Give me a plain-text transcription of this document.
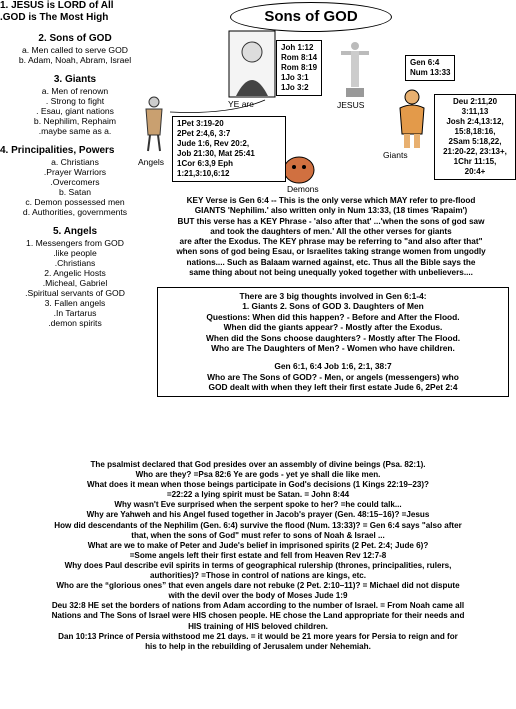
Sons of GOD
1. JESUS is LORD of All
.GOD is The Most High
2. Sons of GOD
a. Men called to serve GOD
b. Adam, Noah, Abram, Israel
3. Giants
a. Men of renown
. Strong to fight
. Esau, giant nations
b. Nephilim, Rephaim
.maybe same as a.
4. Principalities, Powers
a. Christians
.Prayer Warriors
.Overcomers
b. Satan
c. Demon possessed men
d. Authorities, governments
5. Angels
1. Messengers from GOD
.like people
.Christians
2. Angelic Hosts
.Micheal, Gabriel
.Spiritual servants of GOD
3. Fallen angels
.In Tartarus
.demon spirits
YE are	JESUS
Angels
Giants
Demons
Joh 1:12
Rom 8:14
Rom 8:19
1Jo 3:1
1Jo 3:2
Gen 6:4
Num 13:33
Deu 2:11,20
3:11,13
Josh 2:4,13:12,
15:8,18:16,
2Sam 5:18,22,
21:20-22, 23:13+,
1Chr 11:15,
20:4+
1Pet 3:19-20
2Pet 2:4,6, 3:7
Jude 1:6, Rev 20:2,
Job 21:30, Mat 25:41
1Cor 6:3,9 Eph
1:21,3:10,6:12
KEY Verse is Gen 6:4 -- This is the only verse which MAY refer to pre-flood
GIANTS 'Nephilim.' also written only in Num 13:33, (18 times 'Rapaim')
BUT this verse has a KEY Phrase - 'also after that' ...'when the sons of god saw
and took the daughters of men.' All the other verses for giants
are after the Exodus. The KEY phrase may be referring to "and also after that"
when sons of god being Esau, or Israelites taking strange women from ungodly
nations.... Such as Balaam warned against, etc. Thus all the Bible says the
same thing about not being unequally yoked together with unbelievers....
There are 3 big thoughts involved in Gen 6:1-4:
1. Giants 2. Sons of GOD 3. Daughters of Men
Questions: When did this happen? - Before and After the Flood.
When did the giants appear? - Mostly after the Exodus.
When did the Sons choose daughters? - Mostly after The Flood.
Who are The Daughters of Men? - Women who have children.
Gen 6:1, 6:4 Job 1:6, 2:1, 38:7
Who are The Sons of GOD? - Men, or angels (messengers) who
GOD dealt with when they left their first estate Jude 6, 2Pet 2:4
The psalmist declared that God presides over an assembly of divine beings (Psa. 82:1).
Who are they? =Psa 82:6 Ye are gods - yet ye shall die like men.
What does it mean when those beings participate in God's decisions (1 Kings 22:19–23)?
=22:22 a lying spirit must be Satan. = John 8:44
Why wasn't Eve surprised when the serpent spoke to her? =he could talk...
Why are Yahweh and his Angel fused together in Jacob's prayer (Gen. 48:15–16)? =Jesus
How did descendants of the Nephilim (Gen. 6:4) survive the flood (Num. 13:33)? = Gen 6:4 says "also after
that, when the sons of God" must refer to sons of Noah & Israel ...
What are we to make of Peter and Jude's belief in imprisoned spirits (2 Pet. 2:4; Jude 6)?
=Some angels left their first estate and fell from Heaven Rev 12:7-8
Why does Paul describe evil spirits in terms of geographical rulership (thrones, principalities, rulers,
authorities)? =Those in control of nations are kings, etc.
Who are the “glorious ones” that even angels dare not rebuke (2 Pet. 2:10–11)? = Michael did not dispute
with the devil over the body of Moses Jude 1:9
Deu 32:8 HE set the borders of nations from Adam according to the number of Israel. = From Noah came all
Nations and The Sons of Israel were HIS chosen people. HE chose the Land appropriate for their needs and
HIS training of HIS beloved children.
Dan 10:13 Prince of Persia withstood me 21 days. = it would be 21 more years for Persia to reign and for
his to help in the rebuilding of Jerusalem under Nehemiah.
